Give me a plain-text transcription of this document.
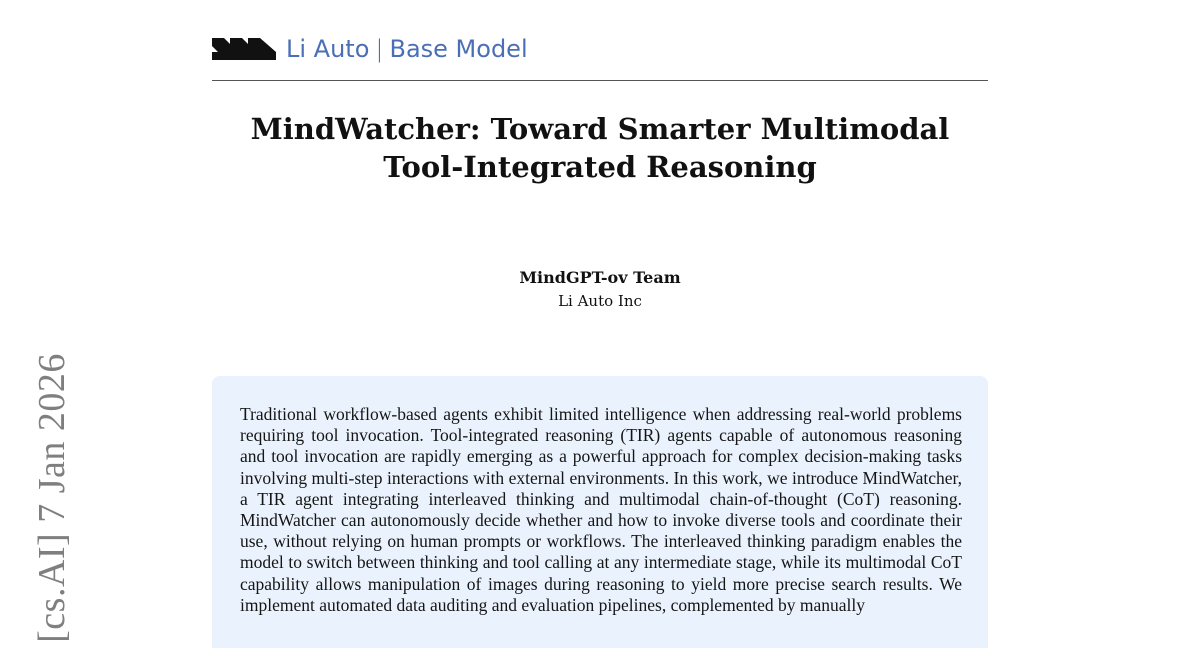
[cs.AI] 7 Jan 2026
Li Auto | Base Model
MindWatcher: Toward Smarter Multimodal
Tool-Integrated Reasoning
MindGPT-ov Team
Li Auto Inc

Traditional workflow-based agents exhibit limited intelligence when addressing real-world problems requiring tool invocation. Tool-integrated reasoning (TIR) agents capable of autonomous reasoning and tool invocation are rapidly emerging as a powerful approach for complex decision-making tasks involving multi-step interactions with external environments. In this work, we introduce MindWatcher, a TIR agent integrating interleaved thinking and multimodal chain-of-thought (CoT) reasoning. MindWatcher can autonomously decide whether and how to invoke diverse tools and coordinate their use, without relying on human prompts or workflows. The interleaved thinking paradigm enables the model to switch between thinking and tool calling at any intermediate stage, while its multimodal CoT capability allows manipulation of images during reasoning to yield more precise search results. We implement automated data auditing and evaluation pipelines, complemented by manually
